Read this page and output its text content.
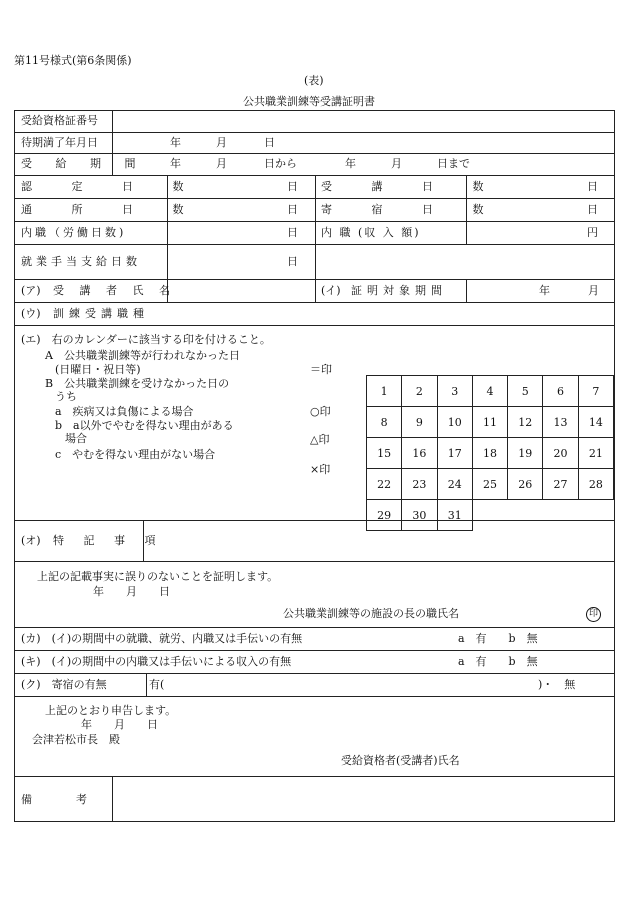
第11号様式(第6条関係)
(表)
公共職業訓練等受講証明書
受給資格証番号
待期満了年月日	年	月	日
受 給 期 間 年	月	日から	年	月	日まで
認 定 日 数	日 受 講 日 数	日
通 所 日 数	日 寄 宿 日 数	日
内職（労働日数)	日 内 職 (収 入 額)	円
就業手当支給日数	日
(ア) 受 講 者 氏 名	(イ) 証明対象期間	年	月
(ウ) 訓練受講職種
(エ)　右のカレンダーに該当する印を付けること。
A　公共職業訓練等が行われなかった日
(日曜日・祝日等)	＝印
B　公共職業訓練を受けなかった日の
うち
a　疾病又は負傷による場合	○印
b　a以外でやむを得ない理由がある
場合	△印
c　やむを得ない理由がない場合
×印
1	2	3	4	5	6	7
8	9	10	11	12	13	14
15	16	17	18	19	20	21
22	23	24	25	26	27	28
29	30	31				
(オ) 特 記 事 項
上記の記載事実に誤りのないことを証明します。
年　　月　　日
公共職業訓練等の施設の長の職氏名	印
(カ)　(イ)の期間中の就職、就労、内職又は手伝いの有無	a　有　　b　無
(キ)　(イ)の期間中の内職又は手伝いによる収入の有無	a　有　　b　無
(ク)　寄宿の有無	有(	)・　無
上記のとおり申告します。
年　　月　　日
会津若松市長　殿
受給資格者(受講者)氏名
備　　　　考
